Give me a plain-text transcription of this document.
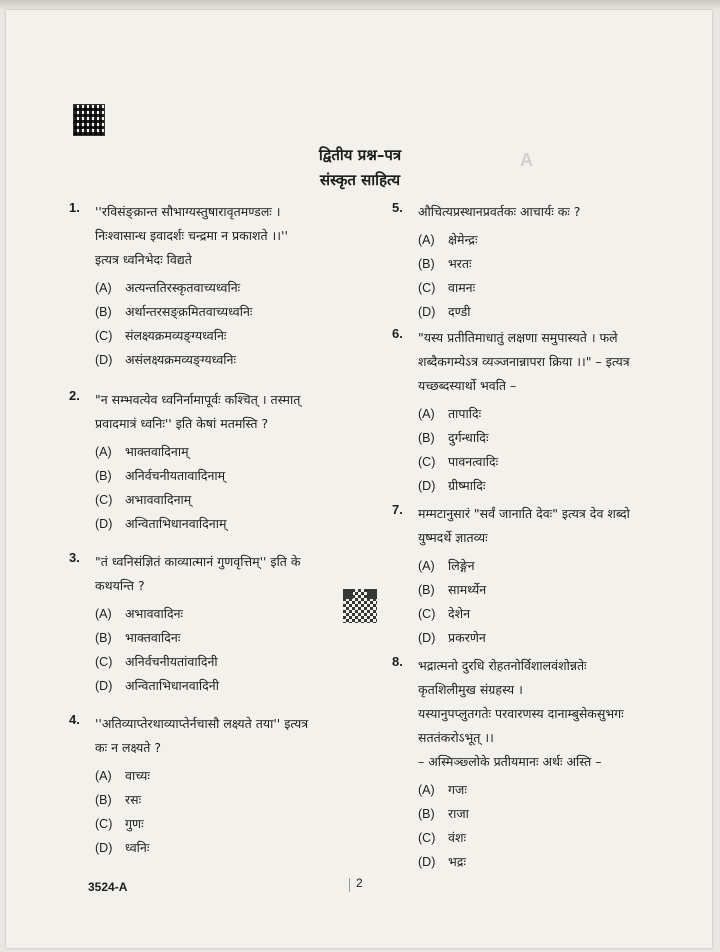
A
द्वितीय प्रश्न–पत्र
संस्कृत साहित्य
1. ''रविसंङ्क्रान्त सौभाग्यस्तुषारावृतमण्डलः ।
निःश्वासान्ध इवादर्शः चन्द्रमा न प्रकाशते ।।''
इत्यत्र ध्वनिभेदः विद्यते
(A) अत्यन्ततिरस्कृतवाच्यध्वनिः
(B) अर्थान्तरसङ्क्रमितवाच्यध्वनिः
(C) संलक्ष्यक्रमव्यङ्ग्यध्वनिः
(D) असंलक्ष्यक्रमव्यङ्ग्यध्वनिः
2. "न सम्भवत्येव ध्वनिर्नामापूर्वः कश्चित् । तस्मात्
प्रवादमात्रं ध्वनिः'' इति केषां मतमस्ति ?
(A) भाक्तवादिनाम्
(B) अनिर्वचनीयतावादिनाम्
(C) अभाववादिनाम्
(D) अन्विताभिधानवादिनाम्
3. "तं ध्वनिसंज्ञितं काव्यात्मानं गुणवृत्तिम्'' इति के
कथयन्ति ?
(A) अभाववादिनः
(B) भाक्तवादिनः
(C) अनिर्वचनीयतांवादिनी
(D) अन्विताभिधानवादिनी
4. ''अतिव्याप्तेरथाव्याप्तेर्नचासौ लक्ष्यते तया'' इत्यत्र
कः न लक्ष्यते ?
(A) वाच्यः
(B) रसः
(C) गुणः
(D) ध्वनिः
5. औचित्यप्रस्थानप्रवर्तकः आचार्यः कः ?
(A) क्षेमेन्द्रः
(B) भरतः
(C) वामनः
(D) दण्डी
6. "यस्य प्रतीतिमाधातुं लक्षणा समुपास्यते । फले
शब्दैकगम्येऽत्र व्यञ्जनान्नापरा क्रिया ।।" – इत्यत्र
यच्छब्दस्यार्थो भवति –
(A) तापादिः
(B) दुर्गन्धादिः
(C) पावनत्वादिः
(D) ग्रीष्मादिः
7. मम्मटानुसारं "सर्वं जानाति देवः" इत्यत्र देव शब्दो
युष्मदर्थे ज्ञातव्यः
(A) लिङ्गेन
(B) सामर्थ्येन
(C) देशेन
(D) प्रकरणेन
8. भद्रात्मनो दुरधि रोहतनोर्विशालवंशोन्नतेः
कृतशिलीमुख संग्रहस्य ।
यस्यानुपप्लुतगतेः परवारणस्य दानाम्बुसेकसुभगः
सततंकरोऽभूत् ।।
– अस्मिञ्छ्लोके प्रतीयमानः अर्थः अस्ति –
(A) गजः
(B) राजा
(C) वंशः
(D) भद्रः
3524-A	2
